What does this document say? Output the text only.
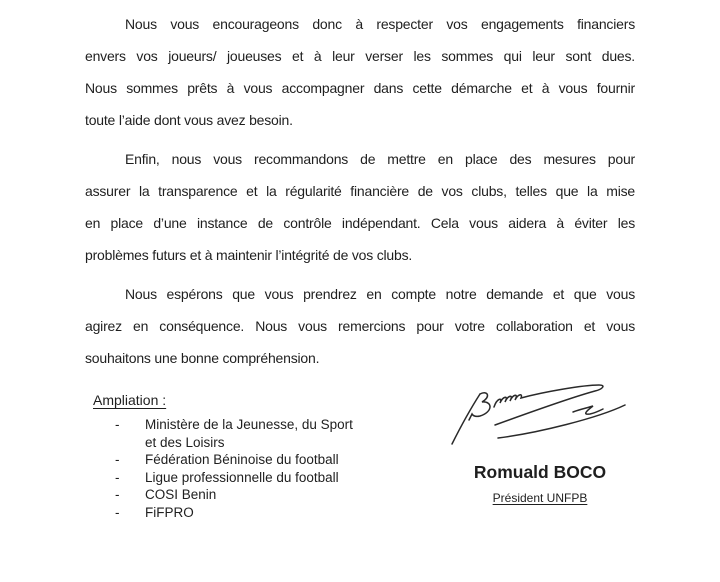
Nous vous encourageons donc à respecter vos engagements financiers
envers vos joueurs/ joueuses et à leur verser les sommes qui leur sont dues.
Nous sommes prêts à vous accompagner dans cette démarche et à vous fournir
toute l’aide dont vous avez besoin.
Enfin, nous vous recommandons de mettre en place des mesures pour
assurer la transparence et la régularité financière de vos clubs, telles que la mise
en place d’une instance de contrôle indépendant. Cela vous aidera à éviter les
problèmes futurs et à maintenir l’intégrité de vos clubs.
Nous espérons que vous prendrez en compte notre demande et que vous
agirez en conséquence. Nous vous remercions pour votre collaboration et vous
souhaitons une bonne compréhension.
Ampliation :
-	Ministère de la Jeunesse, du Sport
et des Loisirs
-	Fédération Béninoise du football
-	Ligue professionnelle du football
-	COSI Benin
-	FiFPRO
Romuald BOCO
Président UNFPB
